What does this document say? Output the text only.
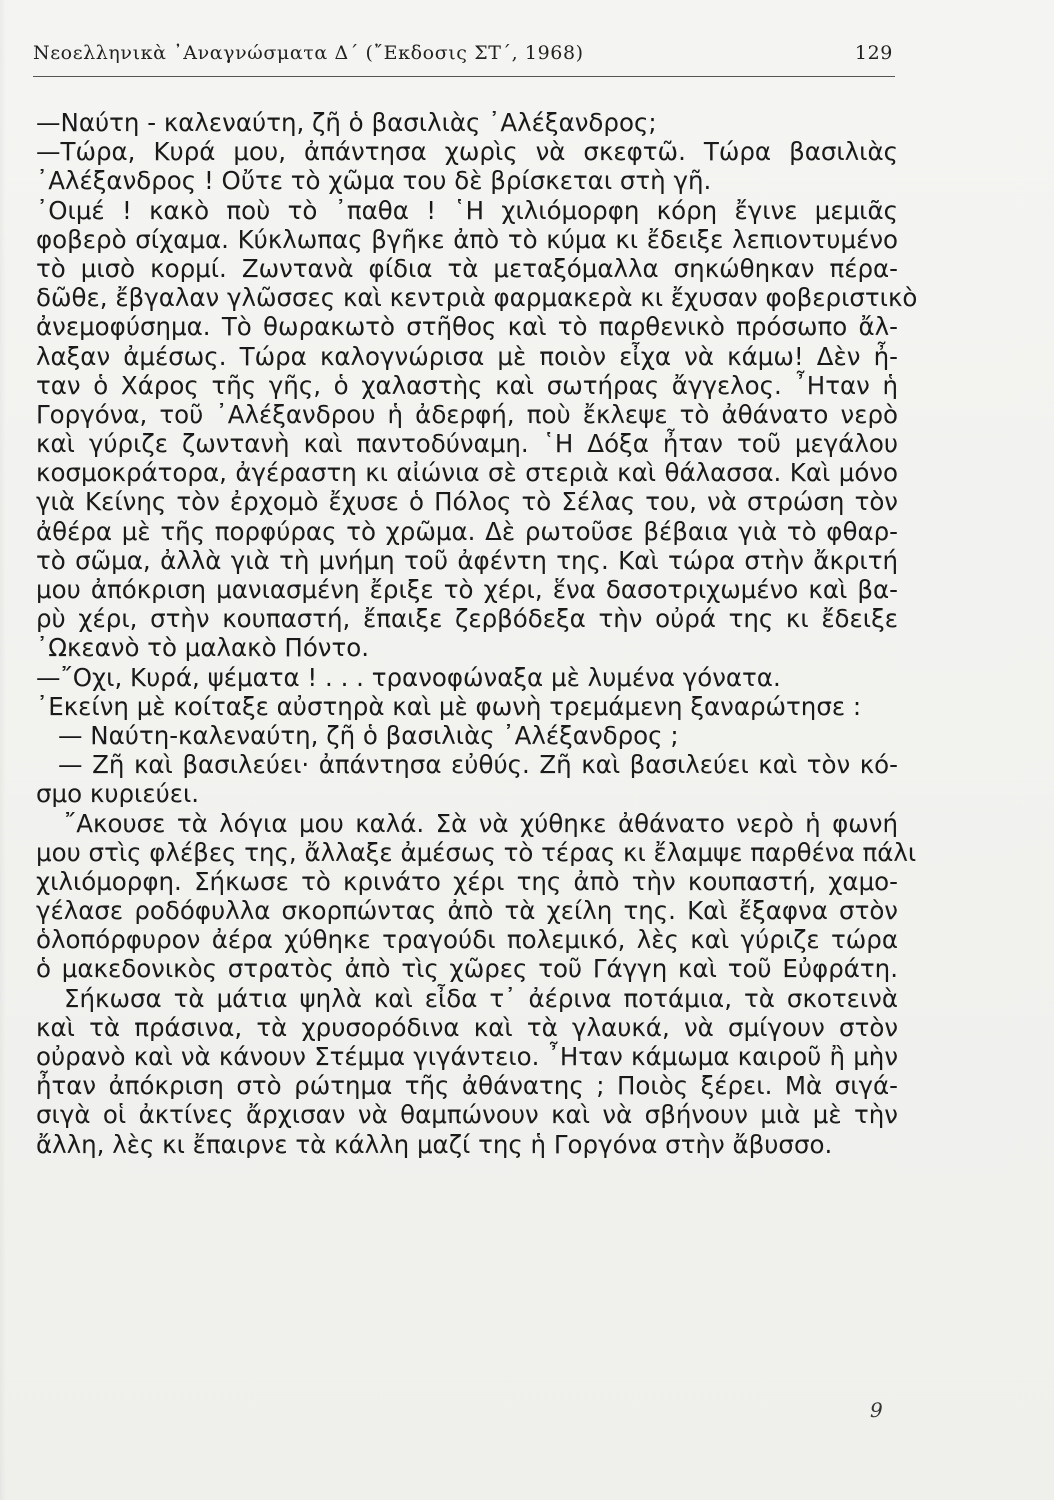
Νεοελληνικὰ ᾽Αναγνώσματα Δ΄ (῎Εκδοσις ΣΤ΄, 1968)	129
—Ναύτη - καλεναύτη, ζῆ ὁ βασιλιὰς ᾽Αλέξανδρος;
—Τώρα, Κυρά μου, ἀπάντησα χωρὶς νὰ σκεφτῶ. Τώρα βασιλιὰς
᾽Αλέξανδρος ! Οὔτε τὸ χῶμα του δὲ βρίσκεται στὴ γῆ.
᾽Οιμέ ! κακὸ ποὺ τὸ ᾽παθα ! ῾Η χιλιόμορφη κόρη ἔγινε μεμιᾶς
φοβερὸ σίχαμα. Κύκλωπας βγῆκε ἀπὸ τὸ κύμα κι ἔδειξε λεπιοντυμένο
τὸ μισὸ κορμί. Ζωντανὰ φίδια τὰ μεταξόμαλλα σηκώθηκαν πέρα-
δῶθε, ἔβγαλαν γλῶσσες καὶ κεντριὰ φαρμακερὰ κι ἔχυσαν φοβεριστικὸ
ἀνεμοφύσημα. Τὸ θωρακωτὸ στῆθος καὶ τὸ παρθενικὸ πρόσωπο ἄλ-
λαξαν ἀμέσως. Τώρα καλογνώρισα μὲ ποιὸν εἶχα νὰ κάμω! Δὲν ἦ-
ταν ὁ Χάρος τῆς γῆς, ὁ χαλαστὴς καὶ σωτήρας ἄγγελος. ῏Ηταν ἡ
Γοργόνα, τοῦ ᾽Αλέξανδρου ἡ ἀδερφή, ποὺ ἔκλεψε τὸ ἀθάνατο νερὸ
καὶ γύριζε ζωντανὴ καὶ παντοδύναμη. ῾Η Δόξα ἦταν τοῦ μεγάλου
κοσμοκράτορα, ἀγέραστη κι αἰώνια σὲ στεριὰ καὶ θάλασσα. Καὶ μόνο
γιὰ Κείνης τὸν ἐρχομὸ ἔχυσε ὁ Πόλος τὸ Σέλας του, νὰ στρώση τὸν
ἀθέρα μὲ τῆς πορφύρας τὸ χρῶμα. Δὲ ρωτοῦσε βέβαια γιὰ τὸ φθαρ-
τὸ σῶμα, ἀλλὰ γιὰ τὴ μνήμη τοῦ ἀφέντη της. Καὶ τώρα στὴν ἄκριτή
μου ἀπόκριση μανιασμένη ἔριξε τὸ χέρι, ἕνα δασοτριχωμένο καὶ βα-
ρὺ χέρι, στὴν κουπαστή, ἔπαιξε ζερβόδεξα τὴν οὐρά της κι ἔδειξε
᾽Ωκεανὸ τὸ μαλακὸ Πόντο.
—῎Οχι, Κυρά, ψέματα ! . . . τρανοφώναξα μὲ λυμένα γόνατα.
᾽Εκείνη μὲ κοίταξε αὐστηρὰ καὶ μὲ φωνὴ τρεμάμενη ξαναρώτησε :
— Ναύτη-καλεναύτη, ζῆ ὁ βασιλιὰς ᾽Αλέξανδρος ;
— Ζῆ καὶ βασιλεύει· ἀπάντησα εὐθύς. Ζῆ καὶ βασιλεύει καὶ τὸν κό-
σμο κυριεύει.
῎Ακουσε τὰ λόγια μου καλά. Σὰ νὰ χύθηκε ἀθάνατο νερὸ ἡ φωνή
μου στὶς φλέβες της, ἄλλαξε ἀμέσως τὸ τέρας κι ἔλαμψε παρθένα πάλι
χιλιόμορφη. Σήκωσε τὸ κρινάτο χέρι της ἀπὸ τὴν κουπαστή, χαμο-
γέλασε ροδόφυλλα σκορπώντας ἀπὸ τὰ χείλη της. Καὶ ἔξαφνα στὸν
ὁλοπόρφυρον ἀέρα χύθηκε τραγούδι πολεμικό, λὲς καὶ γύριζε τώρα
ὁ μακεδονικὸς στρατὸς ἀπὸ τὶς χῶρες τοῦ Γάγγη καὶ τοῦ Εὐφράτη.
Σήκωσα τὰ μάτια ψηλὰ καὶ εἶδα τ᾽ ἀέρινα ποτάμια, τὰ σκοτεινὰ
καὶ τὰ πράσινα, τὰ χρυσορόδινα καὶ τὰ γλαυκά, νὰ σμίγουν στὸν
οὐρανὸ καὶ νὰ κάνουν Στέμμα γιγάντειο. ῏Ηταν κάμωμα καιροῦ ἢ μὴν
ἦταν ἀπόκριση στὸ ρώτημα τῆς ἀθάνατης ; Ποιὸς ξέρει. Μὰ σιγά-
σιγὰ οἱ ἀκτίνες ἄρχισαν νὰ θαμπώνουν καὶ νὰ σβήνουν μιὰ μὲ τὴν
ἄλλη, λὲς κι ἔπαιρνε τὰ κάλλη μαζί της ἡ Γοργόνα στὴν ἄβυσσο.
9
